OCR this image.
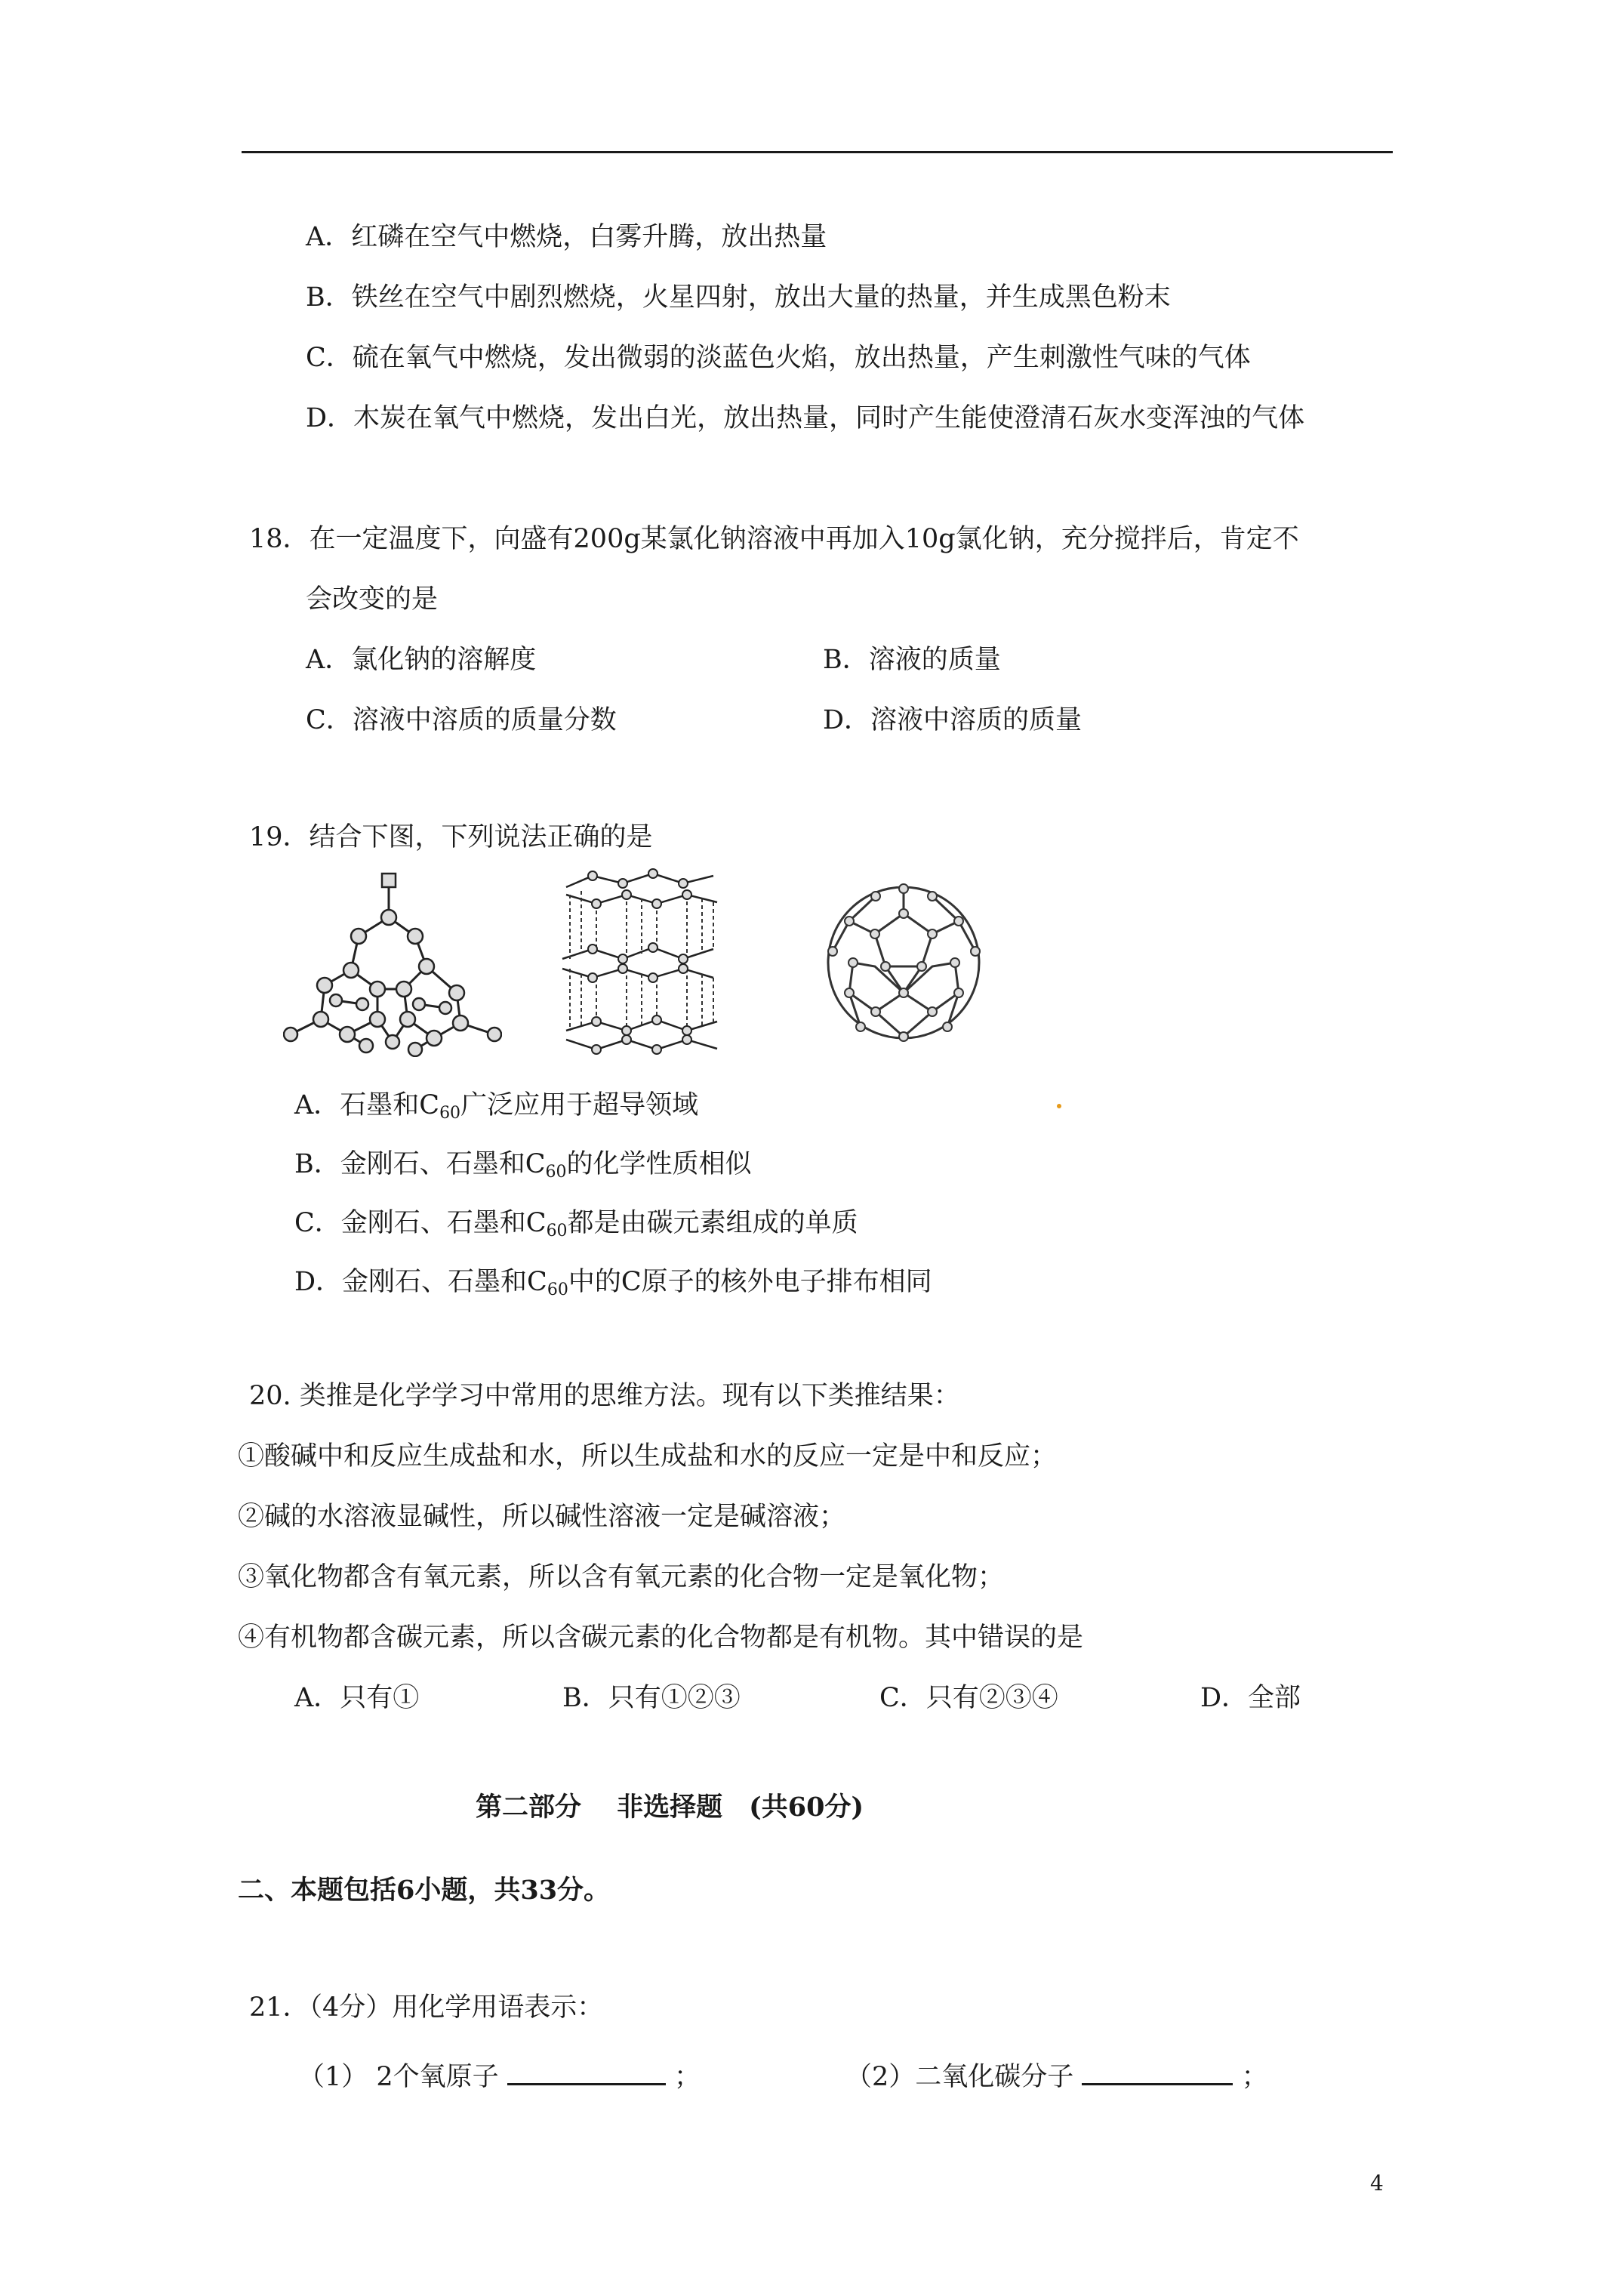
A．红磷在空气中燃烧，白雾升腾，放出热量
B．铁丝在空气中剧烈燃烧，火星四射，放出大量的热量，并生成黑色粉末
C．硫在氧气中燃烧，发出微弱的淡蓝色火焰，放出热量，产生刺激性气味的气体
D．木炭在氧气中燃烧，发出白光，放出热量，同时产生能使澄清石灰水变浑浊的气体
18．在一定温度下，向盛有200g某氯化钠溶液中再加入10g氯化钠，充分搅拌后，肯定不
会改变的是
A．氯化钠的溶解度	B．溶液的质量
C．溶液中溶质的质量分数	D．溶液中溶质的质量
19．结合下图，下列说法正确的是
A．石墨和$C_{60}$广泛应用于超导领域
B．金刚石、石墨和$C_{60}$的化学性质相似
C．金刚石、石墨和$C_{60}$都是由碳元素组成的单质
D．金刚石、石墨和$C_{60}$中的C原子的核外电子排布相同
20. 类推是化学学习中常用的思维方法。现有以下类推结果：
①酸碱中和反应生成盐和水，所以生成盐和水的反应一定是中和反应；
②碱的水溶液显碱性，所以碱性溶液一定是碱溶液；
③氧化物都含有氧元素，所以含有氧元素的化合物一定是氧化物；
④有机物都含碳元素，所以含碳元素的化合物都是有机物。其中错误的是
A．只有①	B．只有①②③	C．只有②③④	D．全部
第二部分　 非选择题　(共60分)
二、本题包括6小题，共33分。
21．（4分）用化学用语表示：
（1） 2个氧原子	；	（2）二氧化碳分子	；
4
